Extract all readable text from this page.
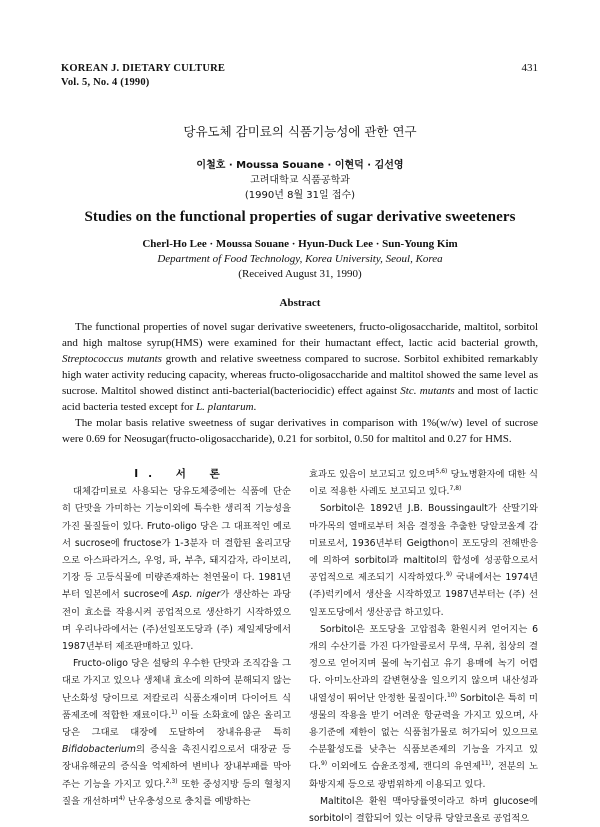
KOREAN J. DIETARY CULTURE
Vol. 5, No. 4 (1990)
431
당유도체 감미료의 식품기능성에 관한 연구
이철호 · Moussa Souane · 이현덕 · 김선영
고려대학교 식품공학과
(1990년 8월 31일 접수)
Studies on the functional properties of sugar derivative sweeteners
Cherl-Ho Lee · Moussa Souane · Hyun-Duck Lee · Sun-Young Kim
Department of Food Technology, Korea University, Seoul, Korea
(Received August 31, 1990)
Abstract

The functional properties of novel sugar derivative sweeteners, fructo-oligosaccharide, maltitol, sorbitol and high maltose syrup(HMS) were examined for their humactant effect, lactic acid bacterial growth, Streptococcus mutants growth and relative sweetness compared to sucrose. Sorbitol exhibited remarkably high water activity reducing capacity, whereas fructo-oligosaccharide and maltitol showed the same level as sucrose. Maltitol showed distinct anti-bacterial(bacteriocidic) effect against Stc. mutants and most of lactic acid bacteria tested except for L. plantarum.

The molar basis relative sweetness of sugar derivatives in comparison with 1%(w/w) level of sucrose were 0.69 for Neosugar(fructo-oligosaccharide), 0.21 for sorbitol, 0.50 for maltitol and 0.27 for HMS.

I. 서 론

대체감미료로 사용되는 당유도체중에는 식품에 단순히 단맛을 가미하는 기능이외에 특수한 생리적 기능성을 가진 물질들이 있다. Fruto-oligo 당은 그 대표적인 예로서 sucrose에 fructose가 1-3분자 더 결합된 올리고당으로 아스파라거스, 우엉, 파, 부추, 돼지감자, 라이보리, 기장 등 고등식물에 미량존재하는 천연물이 다. 1981년부터 일본에서 sucrose에 Asp. niger가 생산하는 과당전이 효소를 작용시켜 공업적으로 생산하기 시작하였으며 우리나라에서는 (주)선일포도당과 (주) 제일제당에서 1987년부터 제조판매하고 있다.

Fructo-oligo 당은 설탕의 우수한 단맛과 조직감을 그대로 가지고 있으나 생체내 효소에 의하여 분해되지 않는 난소화성 당이므로 저칼로리 식품소재이며 다이어트 식품제조에 적합한 재료이다.$^{1)}$ 이들 소화효에 않은 올리고당은 그대로 대장에 도달하여 장내유용균 특히 Bifidobacterium의 증식을 촉진시킴으로서 대장균 등 장내유해균의 증식을 억제하여 변비나 장내부패를 막아주는 기능을 가지고 있다.$^{2,3)}$ 또한 중성지방 등의 혈청지질을 개선하며$^{4)}$ 난우충성으로 충치를 예방하는

효과도 있음이 보고되고 있으며$^{5,6)}$ 당뇨병환자에 대한 식이로 적용한 사례도 보고되고 있다.$^{7,8)}$

Sorbitol은 1892년 J.B. Boussingault가 산딸기와 마가목의 열매로부터 처음 결정을 추출한 당알코올계 감미료로서, 1936년부터 Geigthon이 포도당의 전해반응에 의하여 sorbitol과 maltitol의 합성에 성공함으로서 공업적으로 제조되기 시작하였다.$^{9)}$ 국내에서는 1974년 (주)럭키에서 생산을 시작하였고 1987년부터는 (주) 선일포도당에서 생산공급 하고있다.

Sorbitol은 포도당을 고압접촉 환원시켜 얻어지는 6개의 수산기를 가진 다가알콜로서 무색, 무취, 침상의 결정으로 얻어지며 물에 녹기쉽고 유기 용매에 녹기 어렵다. 아미노산과의 갈변현상을 일으키지 않으며 내산성과 내열성이 뛰어난 안정한 물질이다.$^{10)}$ Sorbitol은 특히 미생물의 작용을 받기 어려운 항균력을 가지고 있으며, 사용기준에 제한이 없는 식품첨가물로 허가되어 있으므로 수분활성도를 낮추는 식품보존제의 기능을 가지고 있다.$^{9)}$ 이외에도 습윤조정제, 캔디의 유연제$^{11)}$, 전분의 노화방지제 등으로 광범위하게 이용되고 있다.

Maltitol은 환원 맥아당률엿이라고 하며 glucose에 sorbitol이 결합되어 있는 이당류 당알코올로 공업적으
